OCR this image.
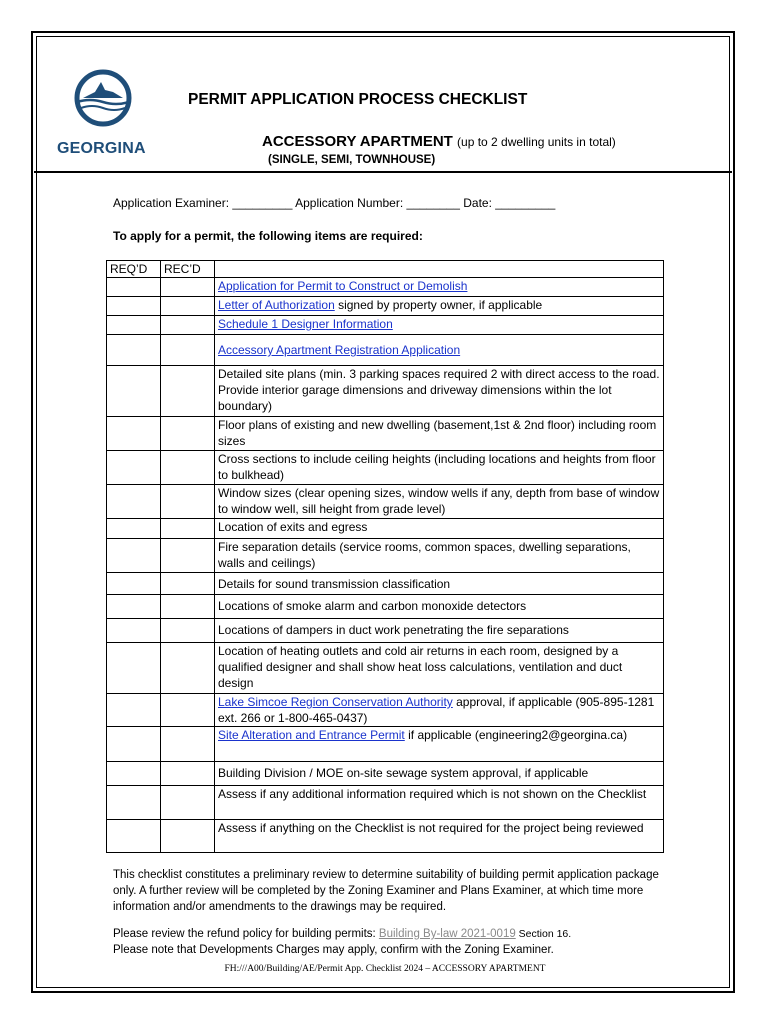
GEORGINA
PERMIT APPLICATION PROCESS CHECKLIST
ACCESSORY APARTMENT (up to 2 dwelling units in total)
(SINGLE, SEMI, TOWNHOUSE)
Application Examiner: _________ Application Number: ________ Date: _________
To apply for a permit, the following items are required:
REQ’D	REC’D	
		Application for Permit to Construct or Demolish
		Letter of Authorization signed by property owner, if applicable
		Schedule 1 Designer Information
		Accessory Apartment Registration Application
		Detailed site plans (min. 3 parking spaces required 2 with direct access to the road. Provide interior garage dimensions and driveway dimensions within the lot boundary)
		Floor plans of existing and new dwelling (basement,1st & 2nd floor) including room sizes
		Cross sections to include ceiling heights (including locations and heights from floor to bulkhead)
		Window sizes (clear opening sizes, window wells if any, depth from base of window to window well, sill height from grade level)
		Location of exits and egress
		Fire separation details (service rooms, common spaces, dwelling separations, walls and ceilings)
		Details for sound transmission classification
		Locations of smoke alarm and carbon monoxide detectors
		Locations of dampers in duct work penetrating the fire separations
		Location of heating outlets and cold air returns in each room, designed by a qualified designer and shall show heat loss calculations, ventilation and duct design
		Lake Simcoe Region Conservation Authority approval, if applicable (905-895-1281 ext. 266 or 1-800-465-0437)
		Site Alteration and Entrance Permit if applicable (engineering2@georgina.ca)
		Building Division / MOE on-site sewage system approval, if applicable
		Assess if any additional information required which is not shown on the Checklist
		Assess if anything on the Checklist is not required for the project being reviewed
This checklist constitutes a preliminary review to determine suitability of building permit application package only. A further review will be completed by the Zoning Examiner and Plans Examiner, at which time more information and/or amendments to the drawings may be required.
Please review the refund policy for building permits: Building By-law 2021-0019 Section 16.
Please note that Developments Charges may apply, confirm with the Zoning Examiner.
FH:///A00/Building/AE/Permit App. Checklist 2024 – ACCESSORY APARTMENT
